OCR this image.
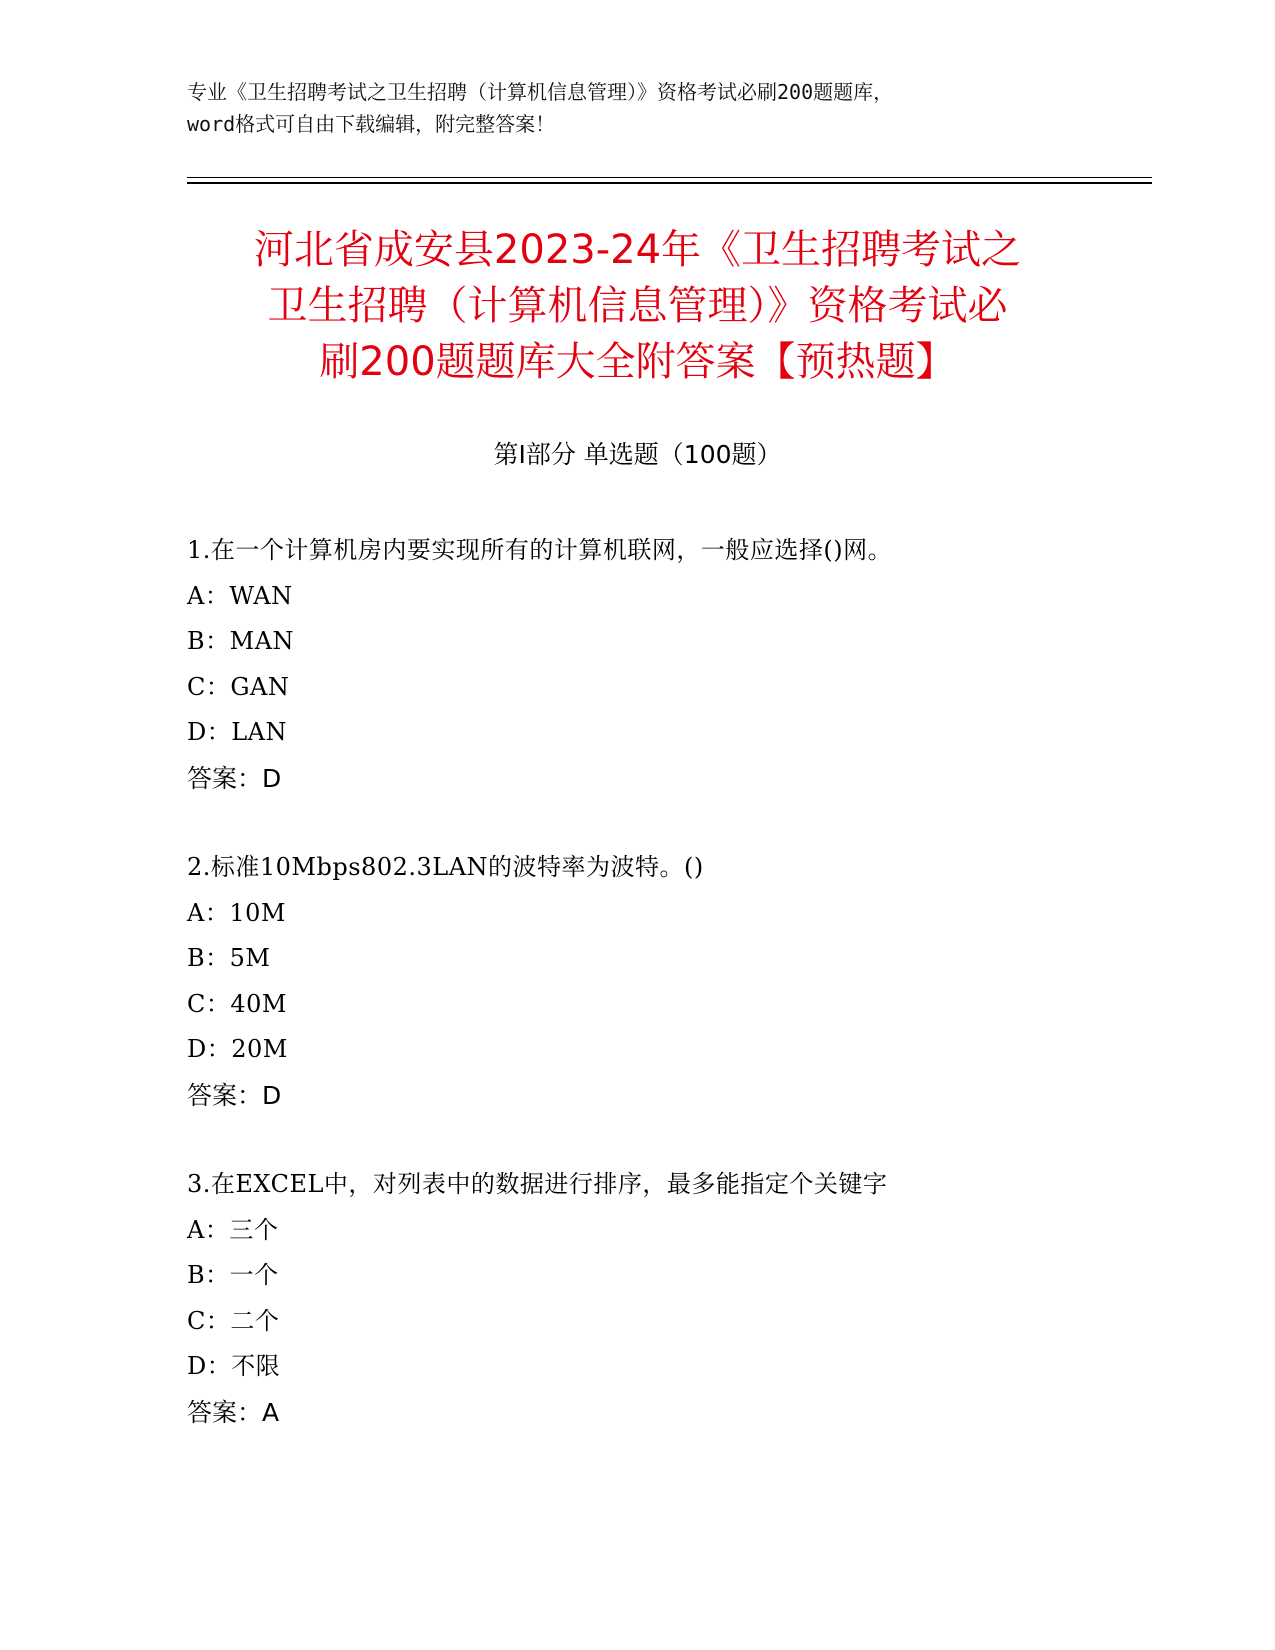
专业《卫生招聘考试之卫生招聘（计算机信息管理）》资格考试必刷200题题库，
word格式可自由下载编辑，附完整答案！
河北省成安县2023-24年《卫生招聘考试之
卫生招聘（计算机信息管理）》资格考试必
刷200题题库大全附答案【预热题】
第Ⅰ部分 单选题（100题）
1.在一个计算机房内要实现所有的计算机联网，一般应选择()网。
A：WAN
B：MAN
C：GAN
D：LAN
答案：D
2.标准10Mbps802.3LAN的波特率为波特。()
A：10M
B：5M
C：40M
D：20M
答案：D
3.在EXCEL中，对列表中的数据进行排序，最多能指定个关键字
A：三个
B：一个
C：二个
D：不限
答案：A
